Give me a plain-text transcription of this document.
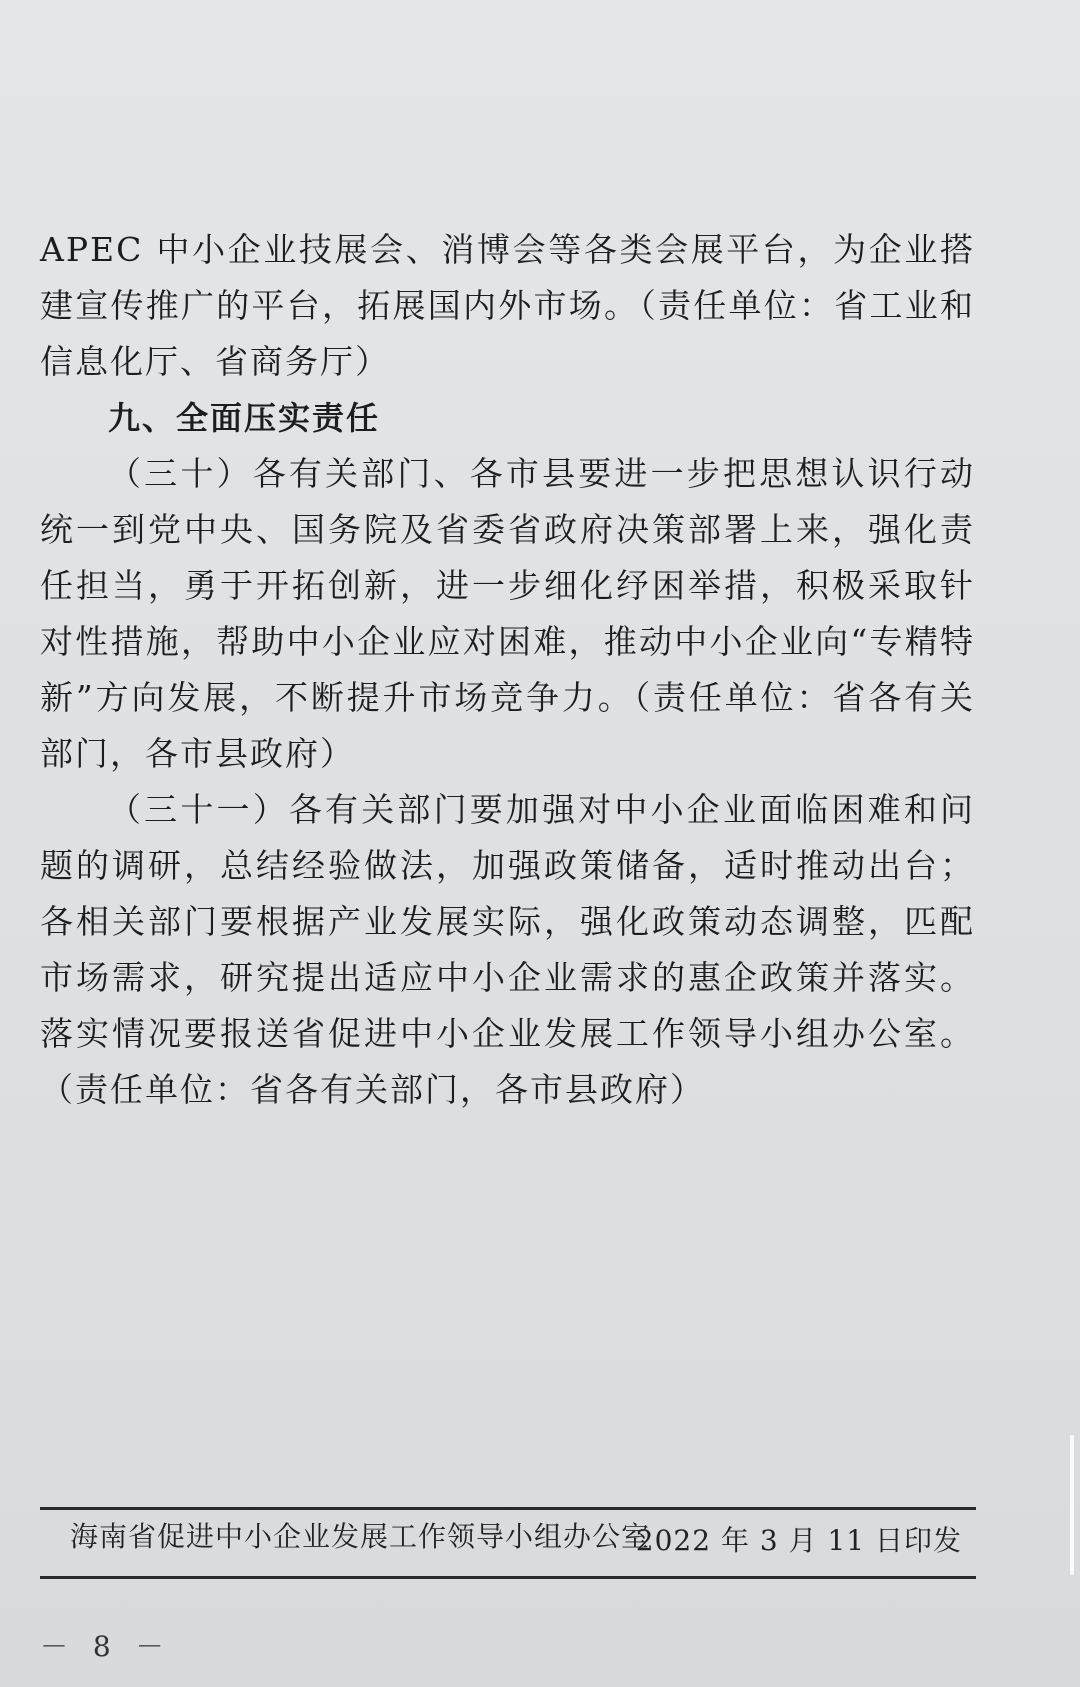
APEC 中小企业技展会、消博会等各类会展平台，为企业搭建宣传推广的平台，拓展国内外市场。（责任单位：省工业和信息化厅、省商务厅）

九、全面压实责任

（三十）各有关部门、各市县要进一步把思想认识行动统一到党中央、国务院及省委省政府决策部署上来，强化责任担当，勇于开拓创新，进一步细化纾困举措，积极采取针对性措施，帮助中小企业应对困难，推动中小企业向“专精特新”方向发展，不断提升市场竞争力。（责任单位：省各有关部门，各市县政府）

（三十一）各有关部门要加强对中小企业面临困难和问题的调研，总结经验做法，加强政策储备，适时推动出台；各相关部门要根据产业发展实际，强化政策动态调整，匹配市场需求，研究提出适应中小企业需求的惠企政策并落实。落实情况要报送省促进中小企业发展工作领导小组办公室。（责任单位：省各有关部门，各市县政府）

海南省促进中小企业发展工作领导小组办公室
2022 年 3 月 11 日印发
－ 8 －
